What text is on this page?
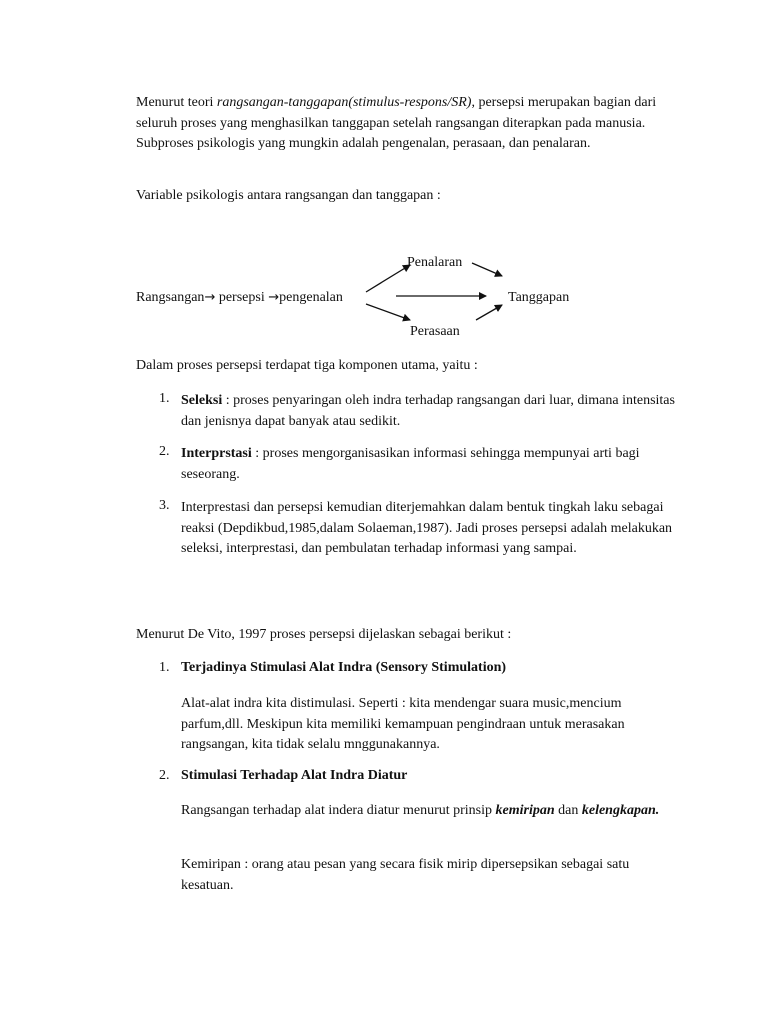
Menurut teori rangsangan-tanggapan(stimulus-respons/SR), persepsi merupakan bagian dari seluruh proses yang menghasilkan tanggapan setelah rangsangan diterapkan pada manusia. Subproses psikologis yang mungkin adalah pengenalan, perasaan, dan penalaran.

Variable psikologis antara rangsangan dan tanggapan :
Rangsangan→ persepsi →pengenalan
Penalaran
Perasaan
Tanggapan
Dalam proses persepsi terdapat tiga komponen utama, yaitu :
1. Seleksi : proses penyaringan oleh indra terhadap rangsangan dari luar, dimana intensitas dan jenisnya dapat banyak atau sedikit.

2. Interprstasi : proses mengorganisasikan informasi sehingga mempunyai arti bagi seseorang.

3. Interprestasi dan persepsi kemudian diterjemahkan dalam bentuk tingkah laku sebagai reaksi (Depdikbud,1985,dalam Solaeman,1987). Jadi proses persepsi adalah melakukan seleksi, interprestasi, dan pembulatan terhadap informasi yang sampai.

Menurut De Vito, 1997 proses persepsi dijelaskan sebagai berikut :
1. Terjadinya Stimulasi Alat Indra (Sensory Stimulation)

Alat-alat indra kita distimulasi. Seperti : kita mendengar suara music,mencium parfum,dll. Meskipun kita memiliki kemampuan pengindraan untuk merasakan rangsangan, kita tidak selalu mnggunakannya.

2. Stimulasi Terhadap Alat Indra Diatur

Rangsangan terhadap alat indera diatur menurut prinsip kemiripan dan kelengkapan.

Kemiripan : orang atau pesan yang secara fisik mirip dipersepsikan sebagai satu kesatuan.
